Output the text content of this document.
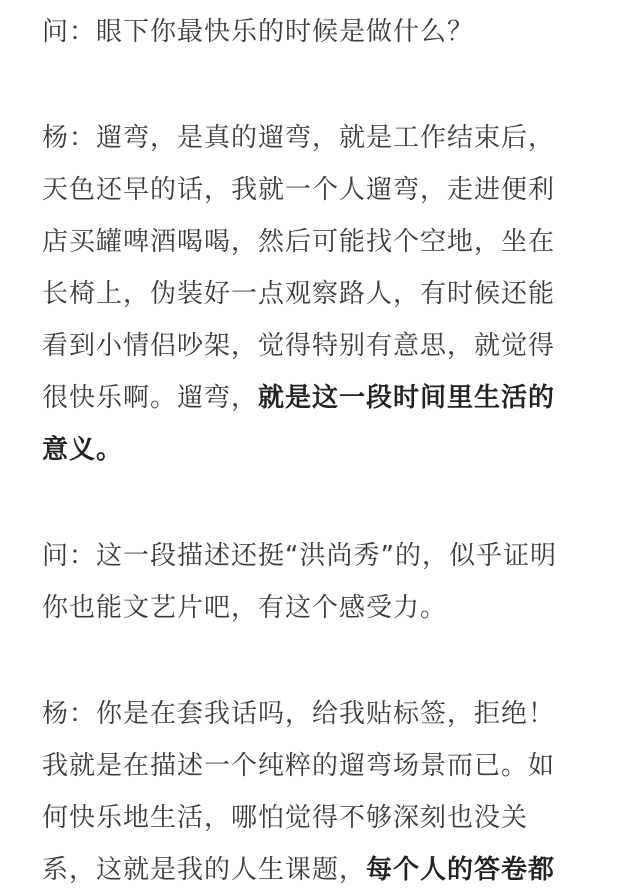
问：眼下你最快乐的时候是做什么？

杨：遛弯，是真的遛弯，就是工作结束后，
天色还早的话，我就一个人遛弯，走进便利
店买罐啤酒喝喝，然后可能找个空地，坐在
长椅上，伪装好一点观察路人，有时候还能
看到小情侣吵架，觉得特别有意思，就觉得
很快乐啊。遛弯，就是这一段时间里生活的
意义。

问：这一段描述还挺“洪尚秀”的，似乎证明
你也能文艺片吧，有这个感受力。

杨：你是在套我话吗，给我贴标签，拒绝！
我就是在描述一个纯粹的遛弯场景而已。如
何快乐地生活，哪怕觉得不够深刻也没关
系，这就是我的人生课题，每个人的答卷都
